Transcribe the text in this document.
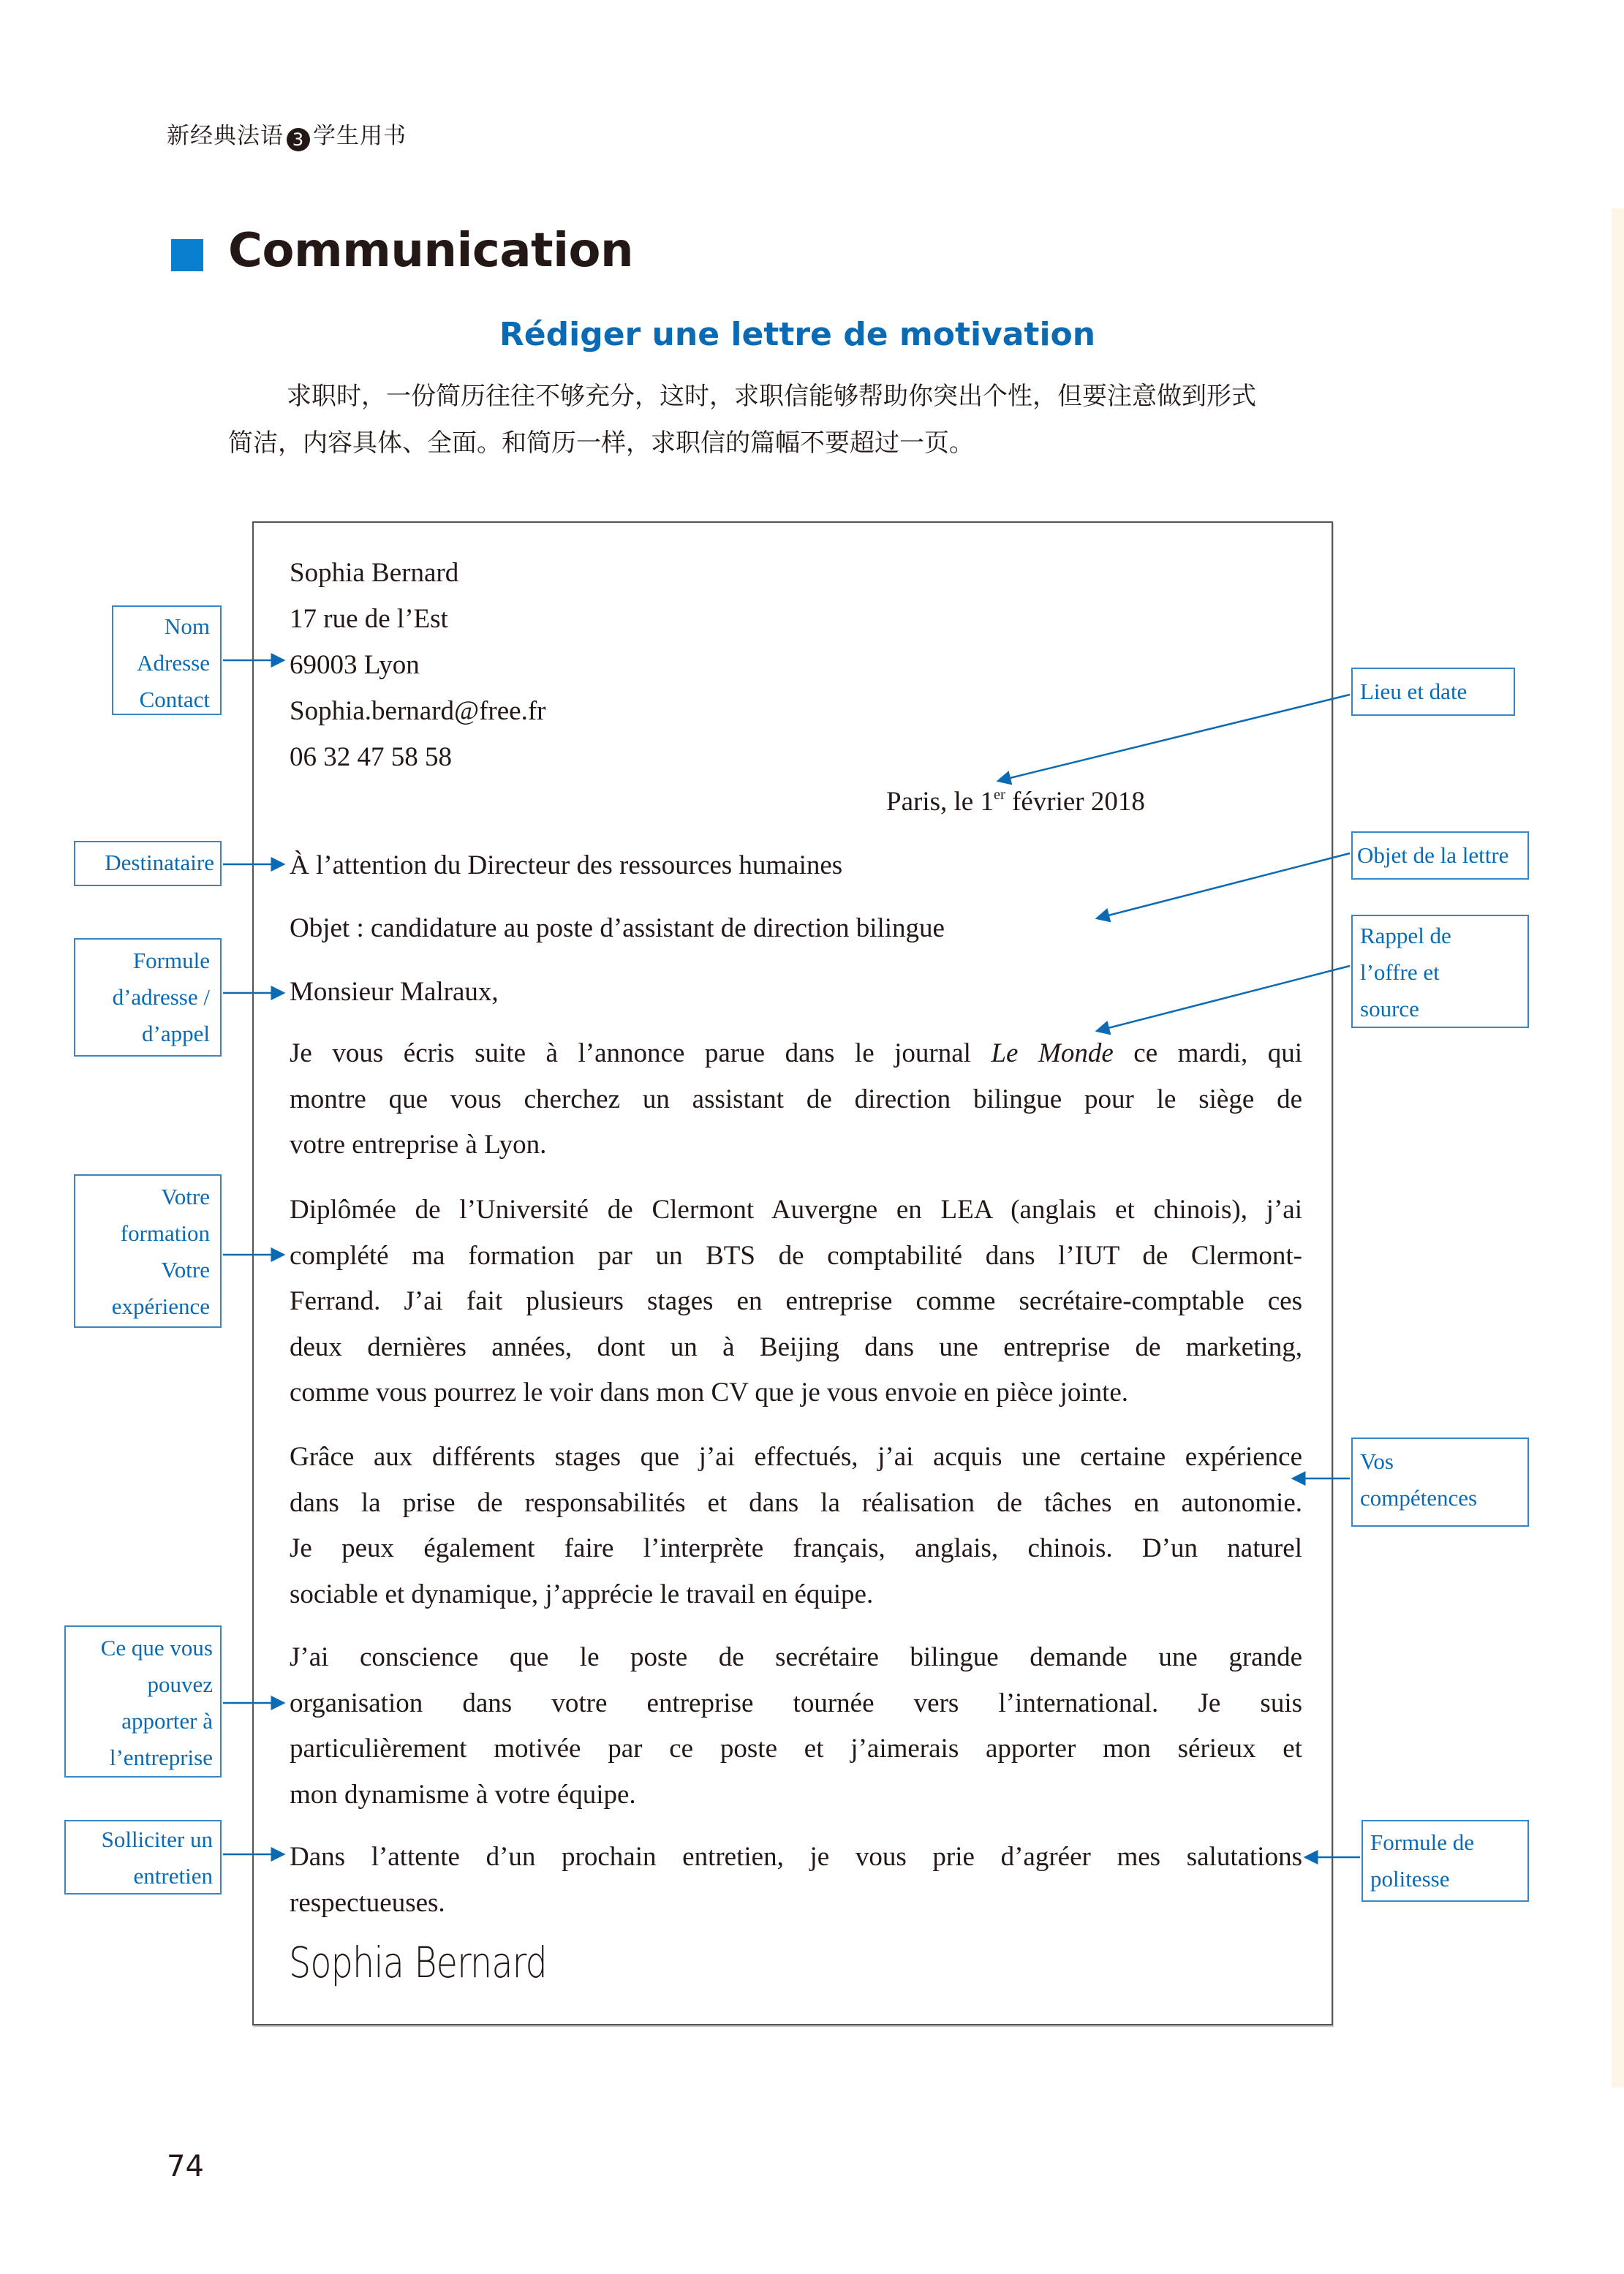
新经典法语 3 学生用书
Communication
Rédiger une lettre de motivation
求职时，一份简历往往不够充分，这时，求职信能够帮助你突出个性，但要注意做到形式
简洁，内容具体、全面。和简历一样，求职信的篇幅不要超过一页。
Sophia Bernard
17 rue de l’Est
69003 Lyon
Sophia.bernard@free.fr
06 32 47 58 58
Paris, le 1er février 2018
À l’attention du Directeur des ressources humaines
Objet : candidature au poste d’assistant de direction bilingue
Monsieur Malraux,
Je vous écris suite à l’annonce parue dans le journal Le Monde ce mardi, qui
montre que vous cherchez un assistant de direction bilingue pour le siège de
votre entreprise à Lyon.
Diplômée de l’Université de Clermont Auvergne en LEA (anglais et chinois), j’ai
complété ma formation par un BTS de comptabilité dans l’IUT de Clermont-
Ferrand. J’ai fait plusieurs stages en entreprise comme secrétaire-comptable ces
deux dernières années, dont un à Beijing dans une entreprise de marketing,
comme vous pourrez le voir dans mon CV que je vous envoie en pièce jointe.
Grâce aux différents stages que j’ai effectués, j’ai acquis une certaine expérience
dans la prise de responsabilités et dans la réalisation de tâches en autonomie.
Je peux également faire l’interprète français, anglais, chinois. D’un naturel
sociable et dynamique, j’apprécie le travail en équipe.
J’ai conscience que le poste de secrétaire bilingue demande une grande
organisation dans votre entreprise tournée vers l’international. Je suis
particulièrement motivée par ce poste et j’aimerais apporter mon sérieux et
mon dynamisme à votre équipe.
Dans l’attente d’un prochain entretien, je vous prie d’agréer mes salutations
respectueuses.
Sophia Bernard
Nom
Adresse
Contact
Destinataire
Formule
d’adresse /
d’appel
Votre
formation
Votre
expérience
Ce que vous
pouvez
apporter à
l’entreprise
Solliciter un
entretien
Lieu et date
Objet de la lettre
Rappel de
l’offre et
source
Vos
compétences
Formule de
politesse
74
